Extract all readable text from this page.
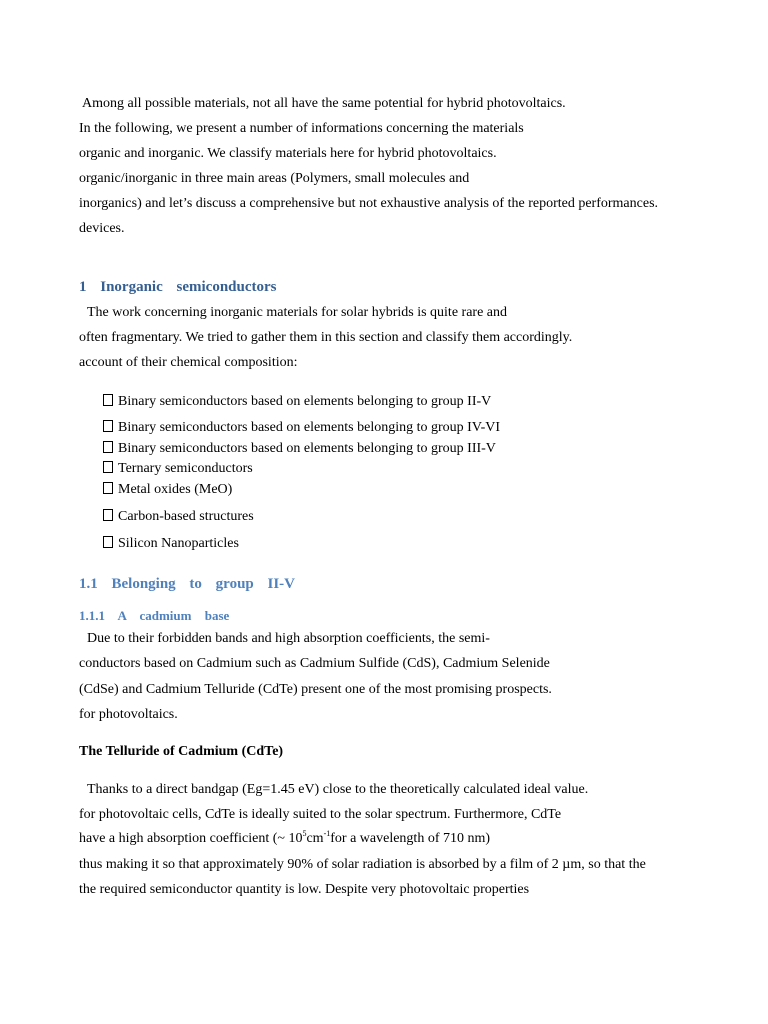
Among all possible materials, not all have the same potential for hybrid photovoltaics.
In the following, we present a number of informations concerning the materials
organic and inorganic. We classify materials here for hybrid photovoltaics.
organic/inorganic in three main areas (Polymers, small molecules and
inorganics) and let’s discuss a comprehensive but not exhaustive analysis of the reported performances.
devices.
1 Inorganic semiconductors
The work concerning inorganic materials for solar hybrids is quite rare and
often fragmentary. We tried to gather them in this section and classify them accordingly.
account of their chemical composition:
Binary semiconductors based on elements belonging to group II-V
Binary semiconductors based on elements belonging to group IV-VI
Binary semiconductors based on elements belonging to group III-V
Ternary semiconductors
Metal oxides (MeO)
Carbon-based structures
Silicon Nanoparticles
1.1 Belonging to group II-V
1.1.1 A cadmium base
Due to their forbidden bands and high absorption coefficients, the semi-
conductors based on Cadmium such as Cadmium Sulfide (CdS), Cadmium Selenide
(CdSe) and Cadmium Telluride (CdTe) present one of the most promising prospects.
for photovoltaics.
The Telluride of Cadmium (CdTe)
Thanks to a direct bandgap (Eg=1.45 eV) close to the theoretically calculated ideal value.
for photovoltaic cells, CdTe is ideally suited to the solar spectrum. Furthermore, CdTe
have a high absorption coefficient (~ $10^5cm^{-1}for$ a wavelength of 710 nm)
thus making it so that approximately 90% of solar radiation is absorbed by a film of 2 µm, so that the
the required semiconductor quantity is low. Despite very photovoltaic properties
